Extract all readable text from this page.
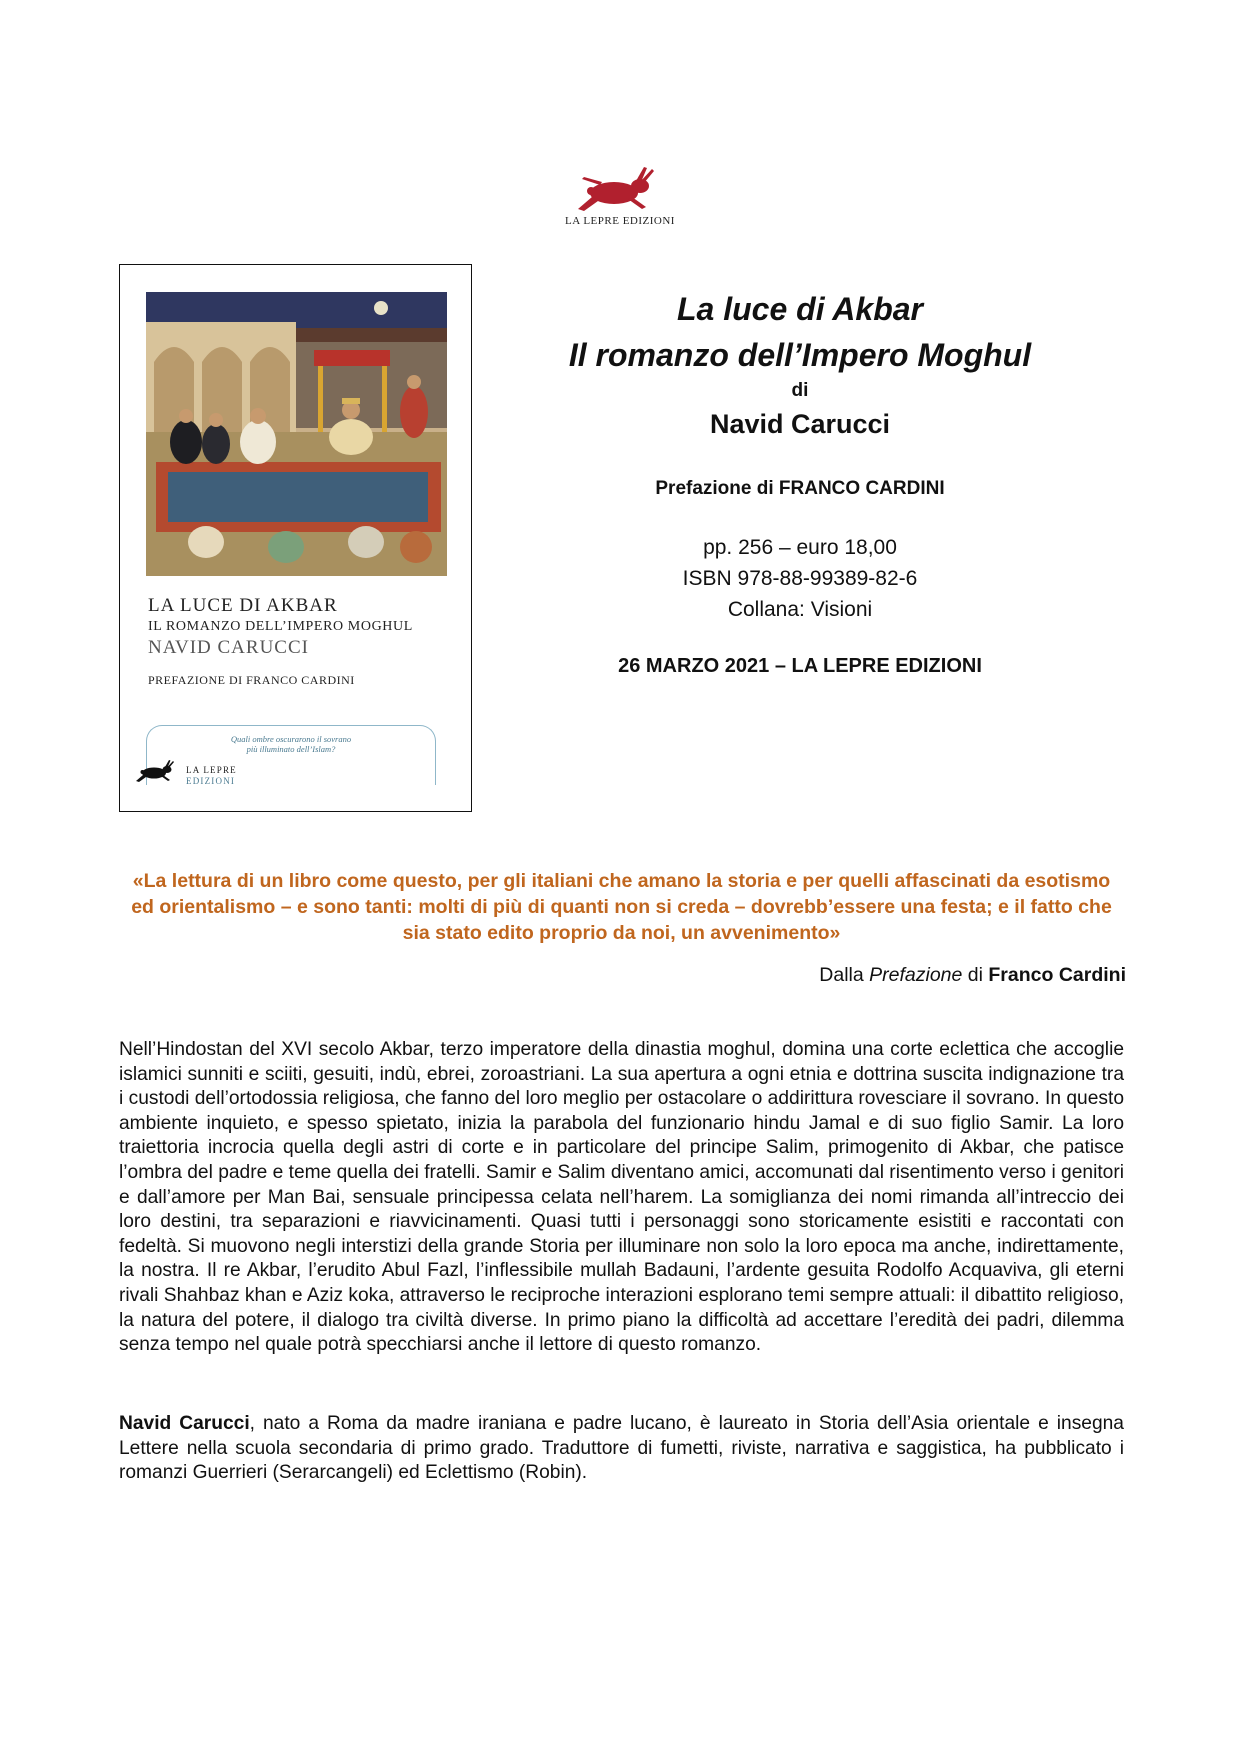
LA LEPRE EDIZIONI
LA LUCE DI AKBAR
IL ROMANZO DELL’IMPERO MOGHUL
NAVID CARUCCI
PREFAZIONE DI FRANCO CARDINI
Quali ombre oscurarono il sovrano
più illuminato dell’Islam?
LA LEPRE
EDIZIONI
La luce di Akbar
Il romanzo dell’Impero Moghul
di
Navid Carucci
Prefazione di FRANCO CARDINI
pp. 256 – euro 18,00
ISBN 978-88-99389-82-6
Collana: Visioni
26 MARZO 2021 – LA LEPRE EDIZIONI
«La lettura di un libro come questo, per gli italiani che amano la storia e per quelli affascinati da esotismo ed orientalismo – e sono tanti: molti di più di quanti non si creda – dovrebb’essere una festa; e il fatto che sia stato edito proprio da noi, un avvenimento»
Dalla Prefazione di Franco Cardini
Nell’Hindostan del XVI secolo Akbar, terzo imperatore della dinastia moghul, domina una corte eclettica che accoglie islamici sunniti e sciiti, gesuiti, indù, ebrei, zoroastriani. La sua apertura a ogni etnia e dottrina suscita indignazione tra i custodi dell’ortodossia religiosa, che fanno del loro meglio per ostacolare o addirittura rovesciare il sovrano. In questo ambiente inquieto, e spesso spietato, inizia la parabola del funzionario hindu Jamal e di suo figlio Samir. La loro traiettoria incrocia quella degli astri di corte e in particolare del principe Salim, primogenito di Akbar, che patisce l’ombra del padre e teme quella dei fratelli. Samir e Salim diventano amici, accomunati dal risentimento verso i genitori e dall’amore per Man Bai, sensuale principessa celata nell’harem. La somiglianza dei nomi rimanda all’intreccio dei loro destini, tra separazioni e riavvicinamenti. Quasi tutti i personaggi sono storicamente esistiti e raccontati con fedeltà. Si muovono negli interstizi della grande Storia per illuminare non solo la loro epoca ma anche, indirettamente, la nostra. Il re Akbar, l’erudito Abul Fazl, l’inflessibile mullah Badauni, l’ardente gesuita Rodolfo Acquaviva, gli eterni rivali Shahbaz khan e Aziz koka, attraverso le reciproche interazioni esplorano temi sempre attuali: il dibattito religioso, la natura del potere, il dialogo tra civiltà diverse. In primo piano la difficoltà ad accettare l’eredità dei padri, dilemma senza tempo nel quale potrà specchiarsi anche il lettore di questo romanzo.
Navid Carucci, nato a Roma da madre iraniana e padre lucano, è laureato in Storia dell’Asia orientale e insegna Lettere nella scuola secondaria di primo grado. Traduttore di fumetti, riviste, narrativa e saggistica, ha pubblicato i romanzi Guerrieri (Serarcangeli) ed Eclettismo (Robin).
